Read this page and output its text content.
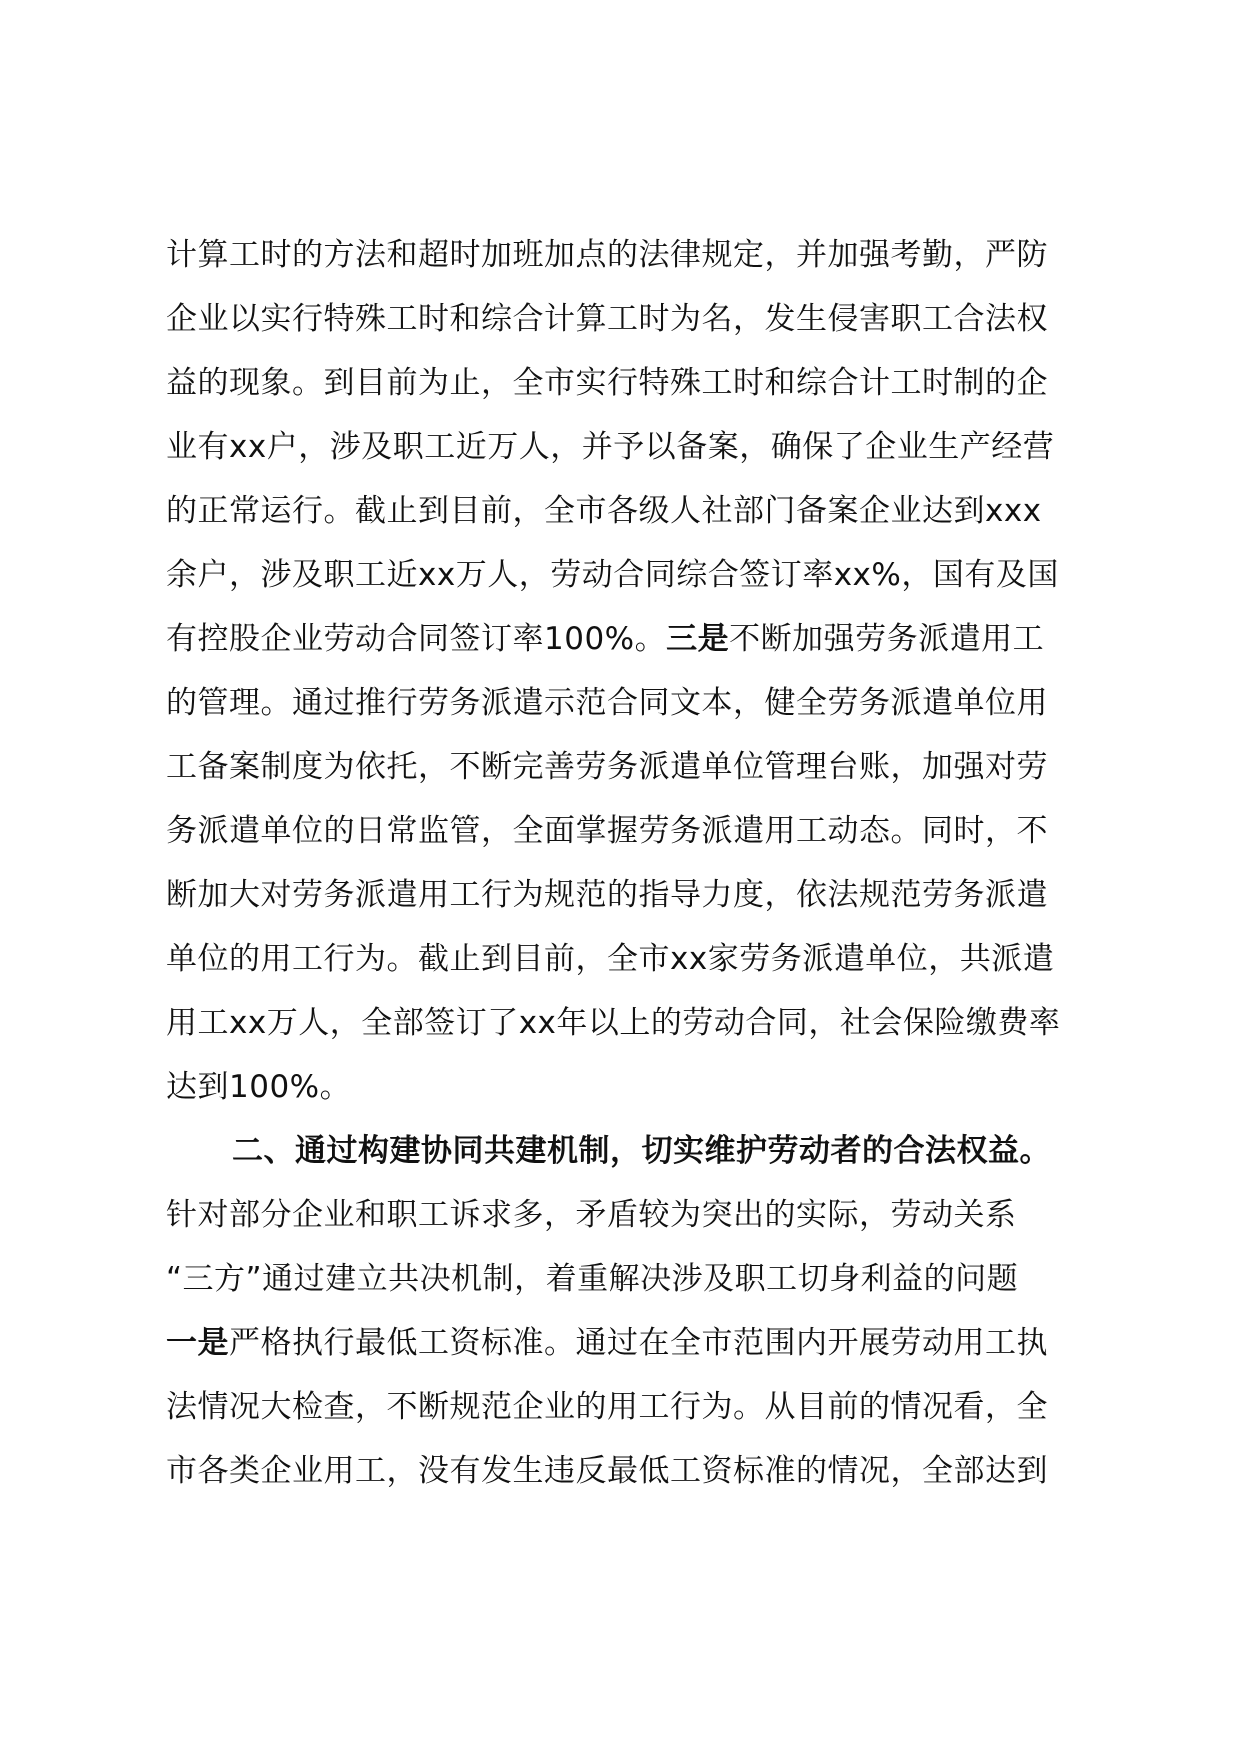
计算工时的方法和超时加班加点的法律规定，并加强考勤，严防
企业以实行特殊工时和综合计算工时为名，发生侵害职工合法权
益的现象。到目前为止，全市实行特殊工时和综合计工时制的企
业有xx户，涉及职工近万人，并予以备案，确保了企业生产经营
的正常运行。截止到目前，全市各级人社部门备案企业达到xxx
余户，涉及职工近xx万人，劳动合同综合签订率xx%，国有及国
有控股企业劳动合同签订率100%。三是不断加强劳务派遣用工
的管理。通过推行劳务派遣示范合同文本，健全劳务派遣单位用
工备案制度为依托，不断完善劳务派遣单位管理台账，加强对劳
务派遣单位的日常监管，全面掌握劳务派遣用工动态。同时，不
断加大对劳务派遣用工行为规范的指导力度，依法规范劳务派遣
单位的用工行为。截止到目前，全市xx家劳务派遣单位，共派遣
用工xx万人，全部签订了xx年以上的劳动合同，社会保险缴费率
达到100%。
二、通过构建协同共建机制，切实维护劳动者的合法权益。
针对部分企业和职工诉求多，矛盾较为突出的实际，劳动关系
“三方”通过建立共决机制，着重解决涉及职工切身利益的问题
一是严格执行最低工资标准。通过在全市范围内开展劳动用工执
法情况大检查，不断规范企业的用工行为。从目前的情况看，全
市各类企业用工，没有发生违反最低工资标准的情况，全部达到
